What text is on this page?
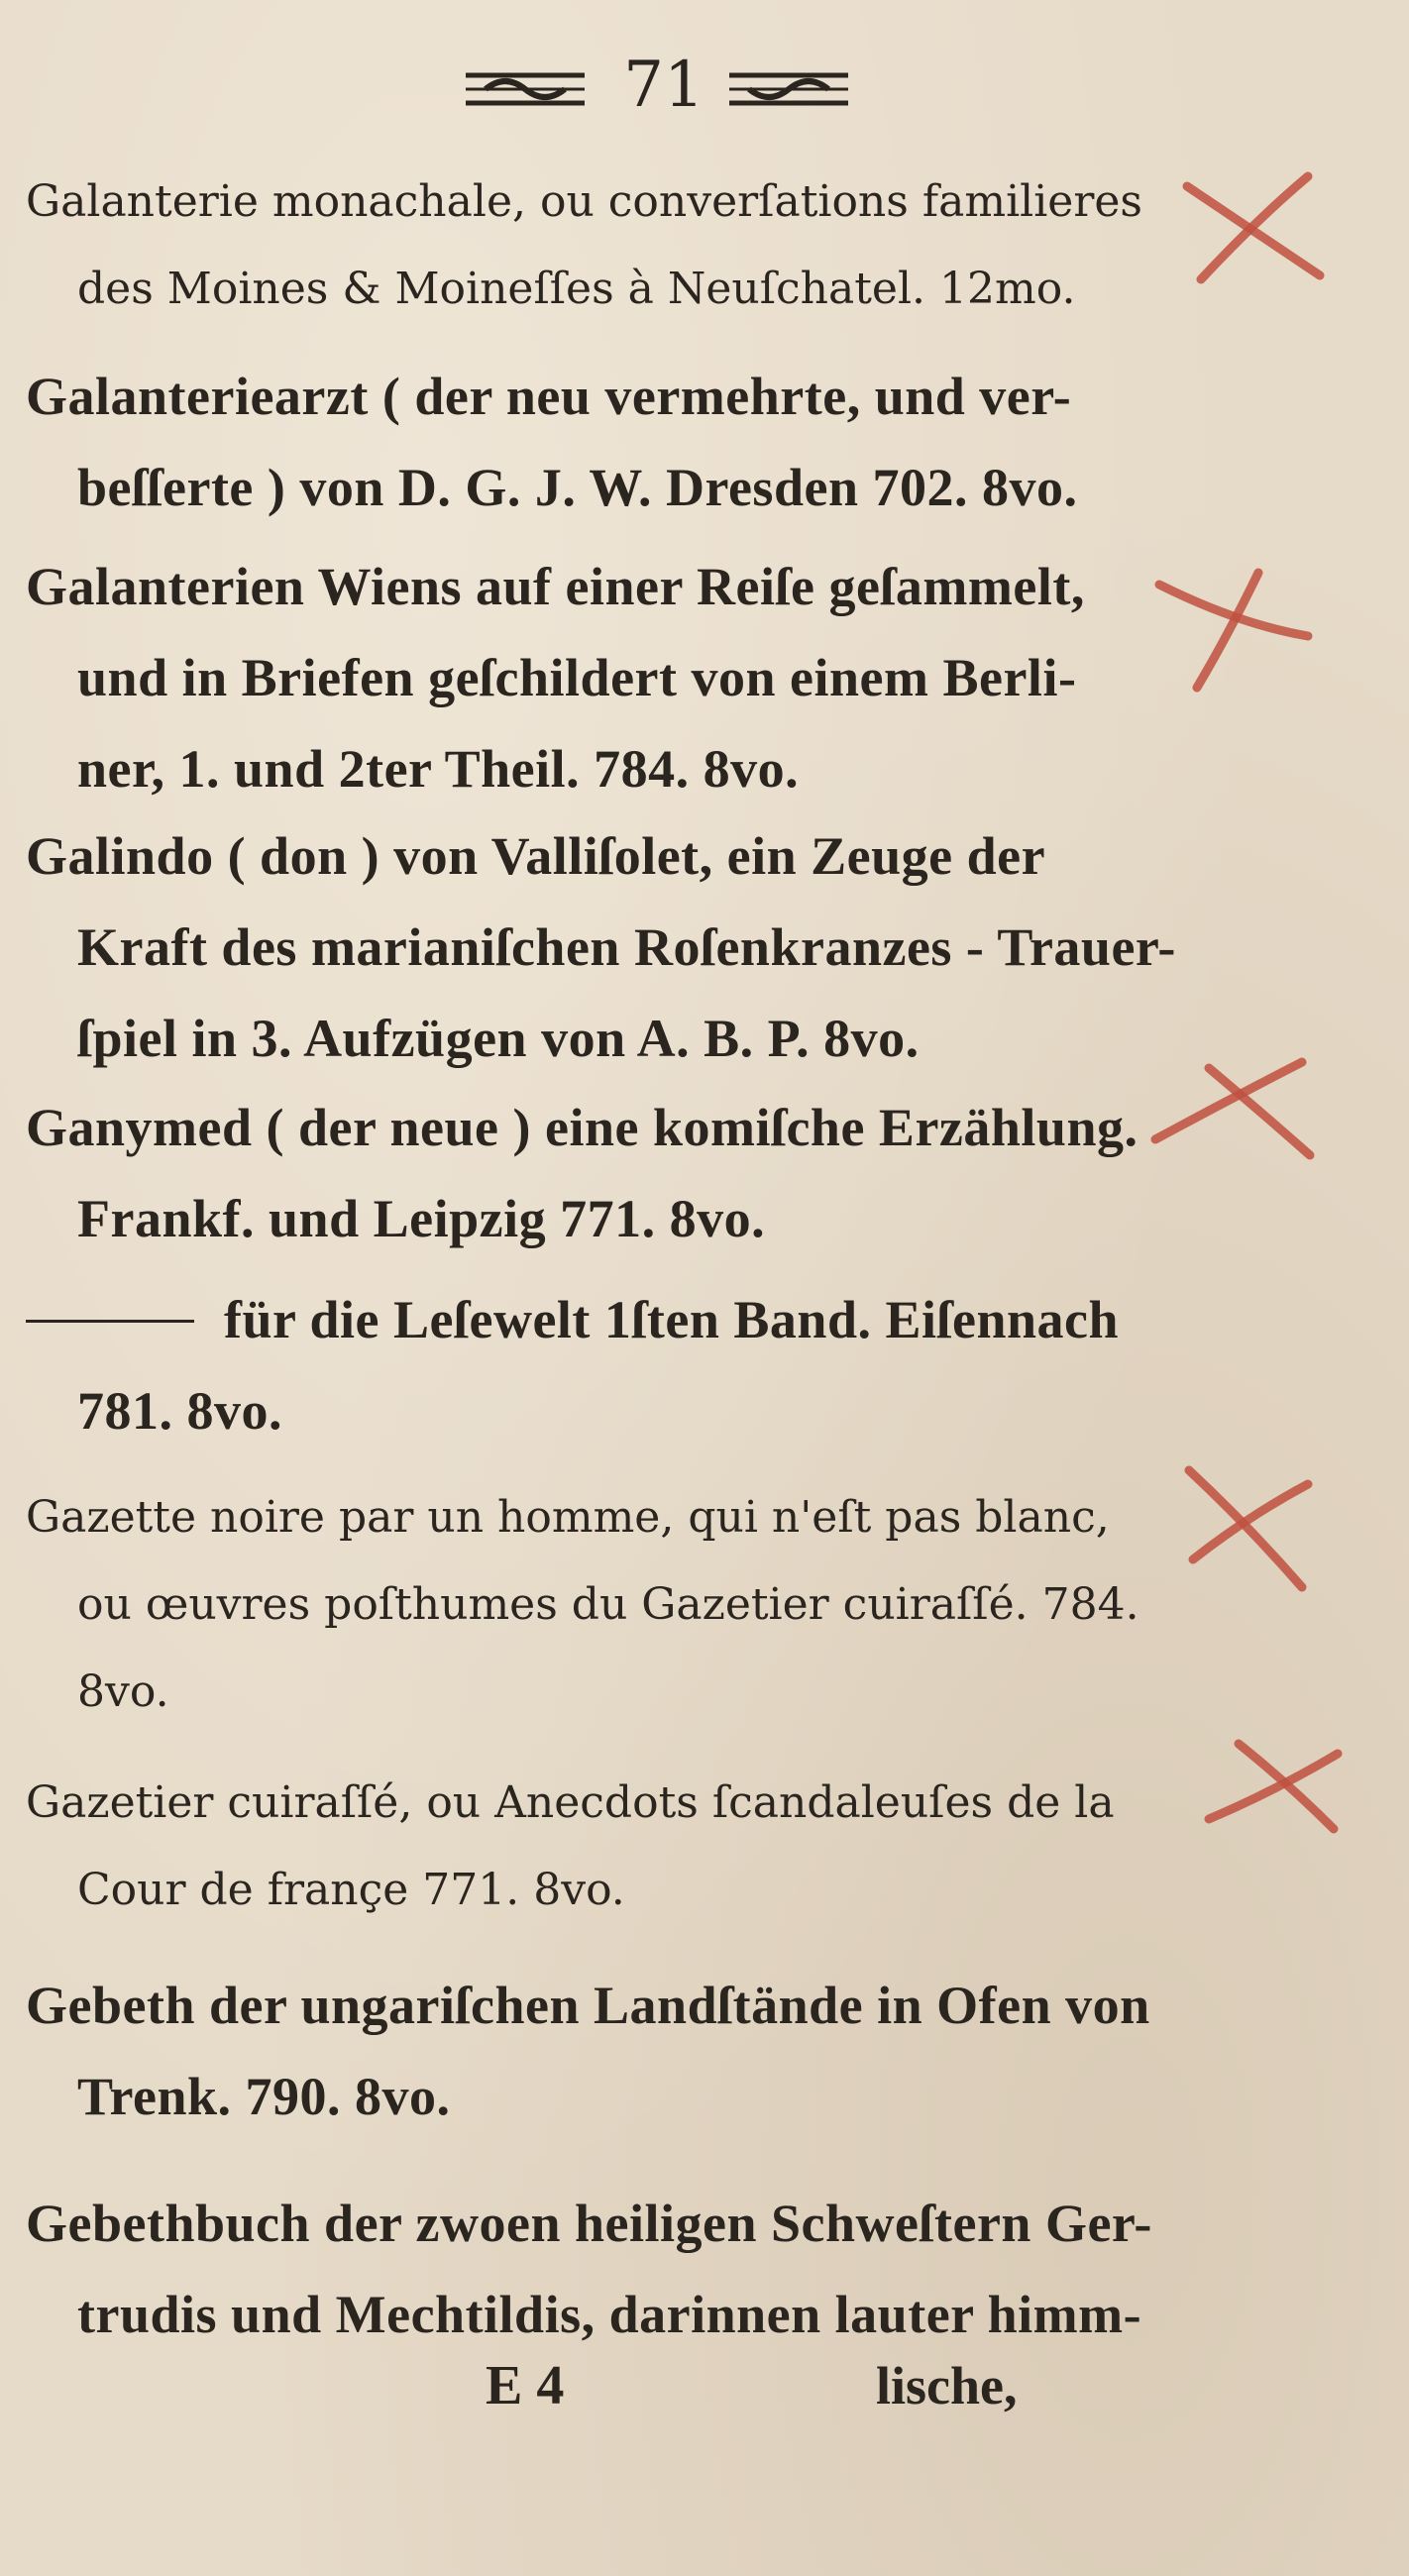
71
Galanterie monachale, ou converſations familieres
des Moines & Moineſſes à Neuſchatel. 12mo.
Galanteriearzt ( der neu vermehrte, und ver-
beſſerte ) von D. G. J. W. Dresden 702. 8vo.
Galanterien Wiens auf einer Reiſe geſammelt,
und in Briefen geſchildert von einem Berli-
ner, 1. und 2ter Theil. 784. 8vo.
Galindo ( don ) von Valliſolet, ein Zeuge der
Kraft des marianiſchen Roſenkranzes - Trauer-
ſpiel in 3. Aufzügen von A. B. P. 8vo.
Ganymed ( der neue ) eine komiſche Erzählung.
Frankf. und Leipzig 771. 8vo.
für die Leſewelt 1ſten Band. Eiſennach
781. 8vo.
Gazette noire par un homme, qui n'eſt pas blanc,
ou œuvres poſthumes du Gazetier cuiraſſé. 784.
8vo.
Gazetier cuiraſſé, ou Anecdots ſcandaleuſes de la
Cour de françe 771. 8vo.
Gebeth der ungariſchen Landſtände in Ofen von
Trenk. 790. 8vo.
Gebethbuch der zwoen heiligen Schweſtern Ger-
trudis und Mechtildis, darinnen lauter himm-
E 4	lische,
